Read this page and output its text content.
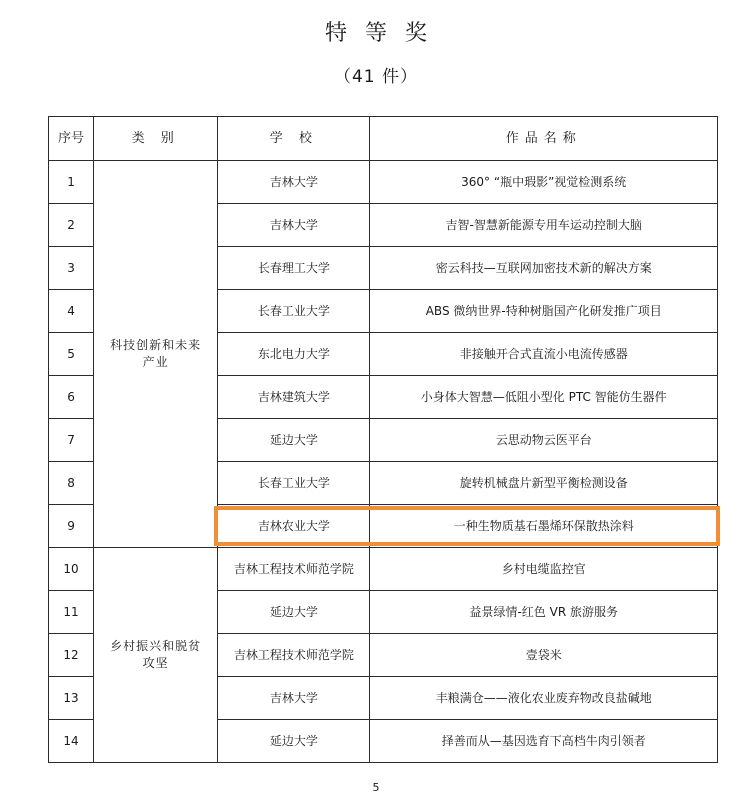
特等奖
（41 件）
序号	类 别	学 校	作品名称
1	科技创新和未来产业	吉林大学	360° “瓶中瑕影”视觉检测系统
2		吉林大学	吉智-智慧新能源专用车运动控制大脑
3		长春理工大学	密云科技—互联网加密技术新的解决方案
4		长春工业大学	ABS 微纳世界-特种树脂国产化研发推广项目
5		东北电力大学	非接触开合式直流小电流传感器
6		吉林建筑大学	小身体大智慧—低阻小型化 PTC 智能仿生器件
7		延边大学	云思动物云医平台
8		长春工业大学	旋转机械盘片新型平衡检测设备
9		吉林农业大学	一种生物质基石墨烯环保散热涂料
10	乡村振兴和脱贫攻坚	吉林工程技术师范学院	乡村电缆监控官
11		延边大学	益景绿情-红色 VR 旅游服务
12		吉林工程技术师范学院	壹袋米
13		吉林大学	丰粮满仓——液化农业废弃物改良盐碱地
14		延边大学	择善而从—基因选育下高档牛肉引领者
5
